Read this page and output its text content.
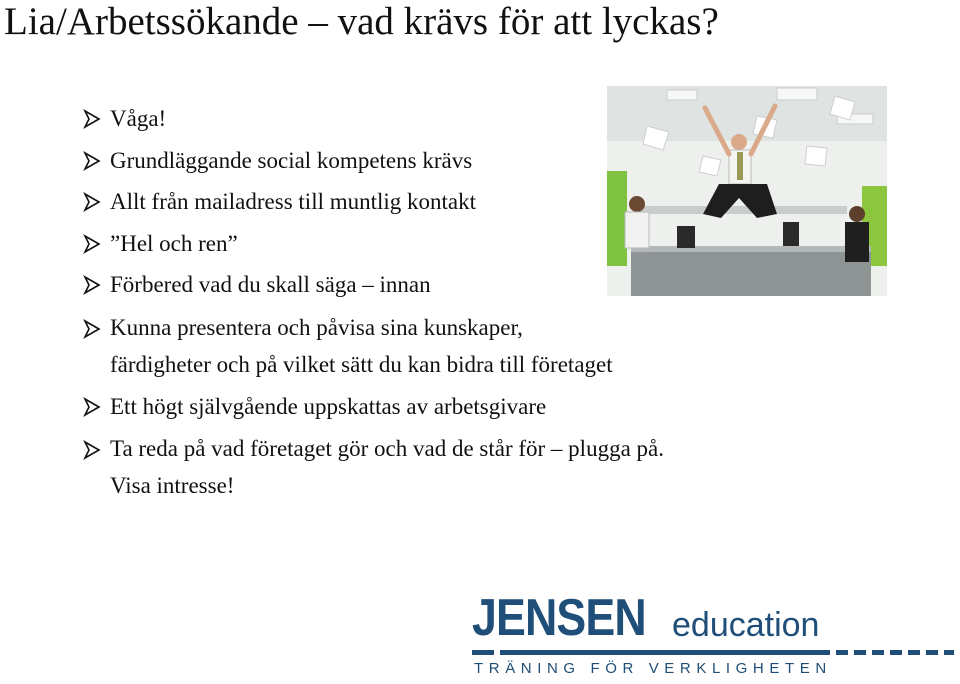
Lia/Arbetssökande – vad krävs för att lyckas?
Våga!
Grundläggande social kompetens krävs
Allt från mailadress till muntlig kontakt
”Hel och ren”
Förbered vad du skall säga – innan
Kunna presentera och påvisa sina kunskaper,
färdigheter och på vilket sätt du kan bidra till företaget
Ett högt självgående uppskattas av arbetsgivare
Ta reda på vad företaget gör och vad de står för – plugga på.
Visa intresse!
JENSEN education
TRÄNING FÖR VERKLIGHETEN
